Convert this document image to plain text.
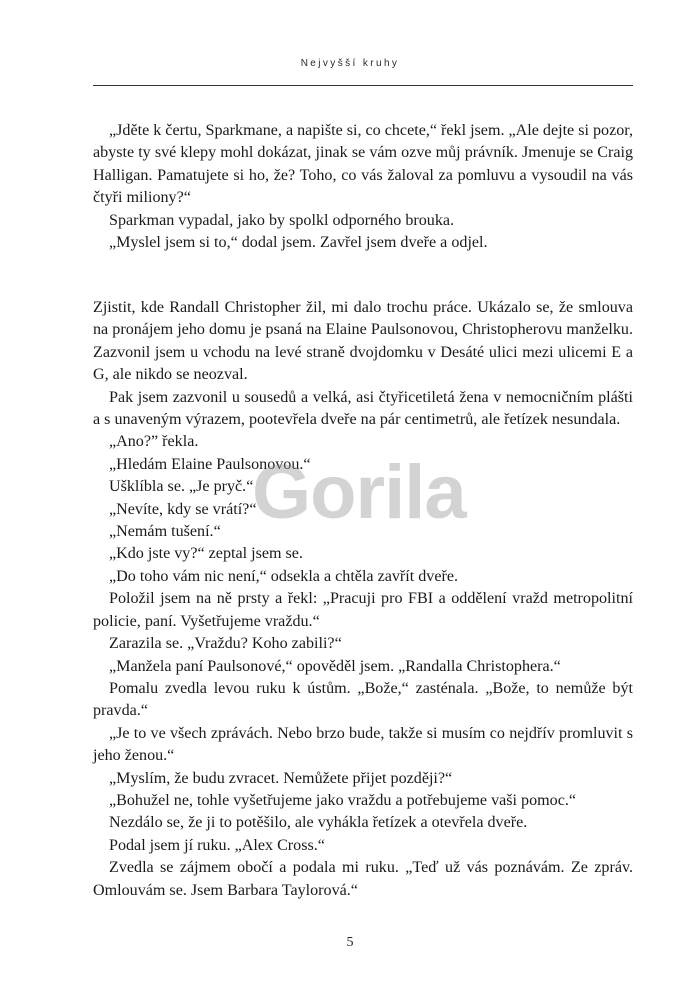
Nejvyšší kruhy

„Jděte k čertu, Sparkmane, a napište si, co chcete,“ řekl jsem. „Ale dejte si pozor, abyste ty své klepy mohl dokázat, jinak se vám ozve můj právník. Jmenuje se Craig Halligan. Pamatujete si ho, že? Toho, co vás žaloval za pomluvu a vysoudil na vás čtyři miliony?“

Sparkman vypadal, jako by spolkl odporného brouka.

„Myslel jsem si to,“ dodal jsem. Zavřel jsem dveře a odjel.

Zjistit, kde Randall Christopher žil, mi dalo trochu práce. Ukázalo se, že smlouva na pronájem jeho domu je psaná na Elaine Paulsonovou, Christopherovu manželku. Zazvonil jsem u vchodu na levé straně dvojdomku v Desáté ulici mezi ulicemi E a G, ale nikdo se neozval.

Pak jsem zazvonil u sousedů a velká, asi čtyřicetiletá žena v nemocničním plášti a s unaveným výrazem, pootevřela dveře na pár centimetrů, ale řetízek nesundala.

„Ano?” řekla.

„Hledám Elaine Paulsonovou.“

Ušklíbla se. „Je pryč.“

„Nevíte, kdy se vrátí?“

„Nemám tušení.“

„Kdo jste vy?“ zeptal jsem se.

„Do toho vám nic není,“ odsekla a chtěla zavřít dveře.

Položil jsem na ně prsty a řekl: „Pracuji pro FBI a oddělení vražd metropolitní policie, paní. Vyšetřujeme vraždu.“

Zarazila se. „Vraždu? Koho zabili?“

„Manžela paní Paulsonové,“ opověděl jsem. „Randalla Christophera.“

Pomalu zvedla levou ruku k ústům. „Bože,“ zasténala. „Bože, to nemůže být pravda.“

„Je to ve všech zprávách. Nebo brzo bude, takže si musím co nejdřív promluvit s jeho ženou.“

„Myslím, že budu zvracet. Nemůžete přijet později?“

„Bohužel ne, tohle vyšetřujeme jako vraždu a potřebujeme vaši pomoc.“

Nezdálo se, že ji to potěšilo, ale vyhákla řetízek a otevřela dveře.

Podal jsem jí ruku. „Alex Cross.“

Zvedla se zájmem obočí a podala mi ruku. „Teď už vás poznávám. Ze zpráv. Omlouvám se. Jsem Barbara Taylorová.“

Gorila
5
